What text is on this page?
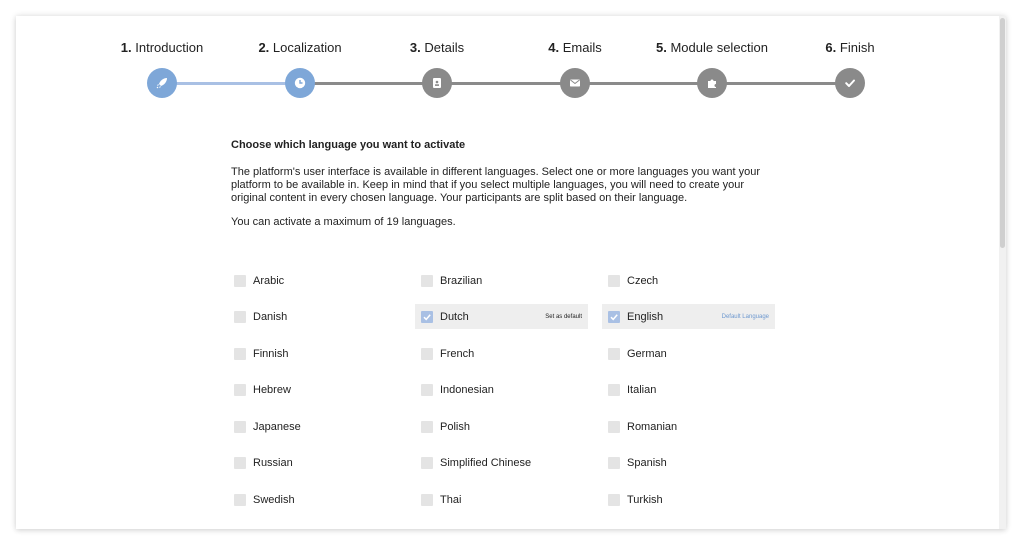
1. Introduction	2. Localization	3. Details	4. Emails	5. Module selection	6. Finish
Choose which language you want to activate
The platform's user interface is available in different languages. Select one or more languages you want your platform to be available in. Keep in mind that if you select multiple languages, you will need to create your original content in every chosen language. Your participants are split based on their language.
You can activate a maximum of 19 languages.
Arabic	Brazilian	Czech
Danish	Dutch	Set as default	English	Default Language
Finnish	French	German
Hebrew	Indonesian	Italian
Japanese	Polish	Romanian
Russian	Simplified Chinese	Spanish
Swedish	Thai	Turkish
